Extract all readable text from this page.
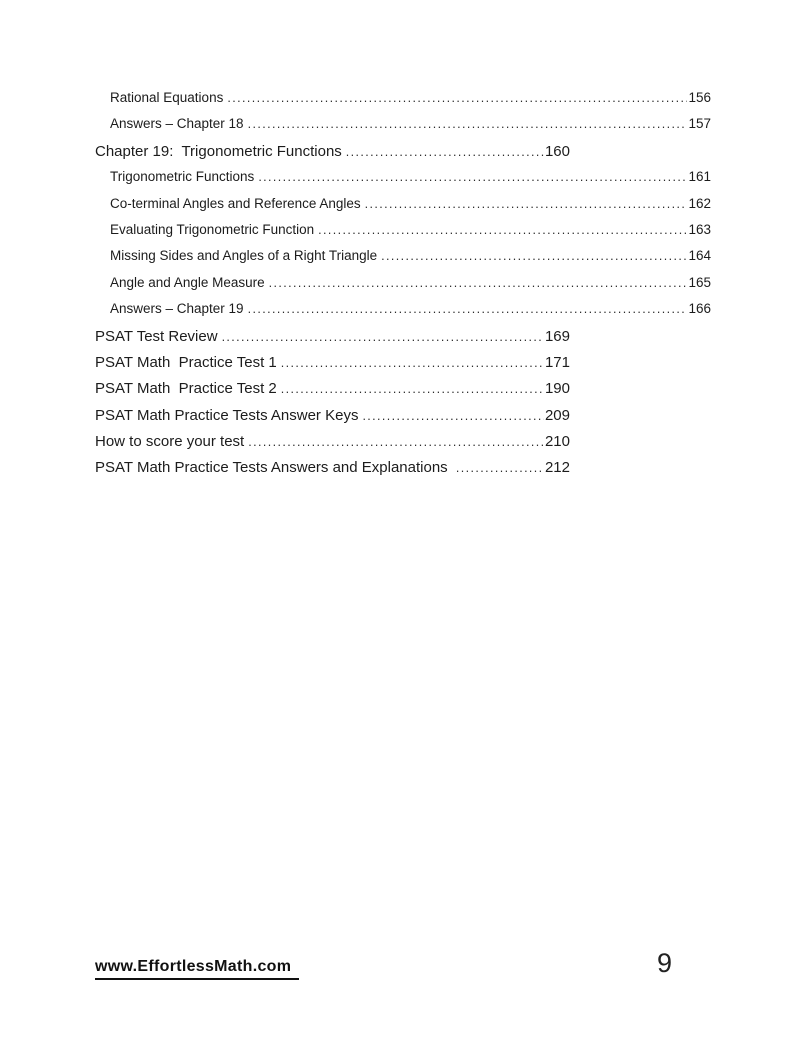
Rational Equations .....	156
Answers – Chapter 18 .....	157
Chapter 19:  Trigonometric Functions .....	160
Trigonometric Functions .....	161
Co-terminal Angles and Reference Angles .....	162
Evaluating Trigonometric Function .....	163
Missing Sides and Angles of a Right Triangle .....	164
Angle and Angle Measure .....	165
Answers – Chapter 19 .....	166
PSAT Test Review .....	169
PSAT Math  Practice Test 1 .....	171
PSAT Math  Practice Test 2 .....	190
PSAT Math Practice Tests Answer Keys .....	209
How to score your test .....	210
PSAT Math Practice Tests Answers and Explanations .....	212
www.EffortlessMath.com	9
